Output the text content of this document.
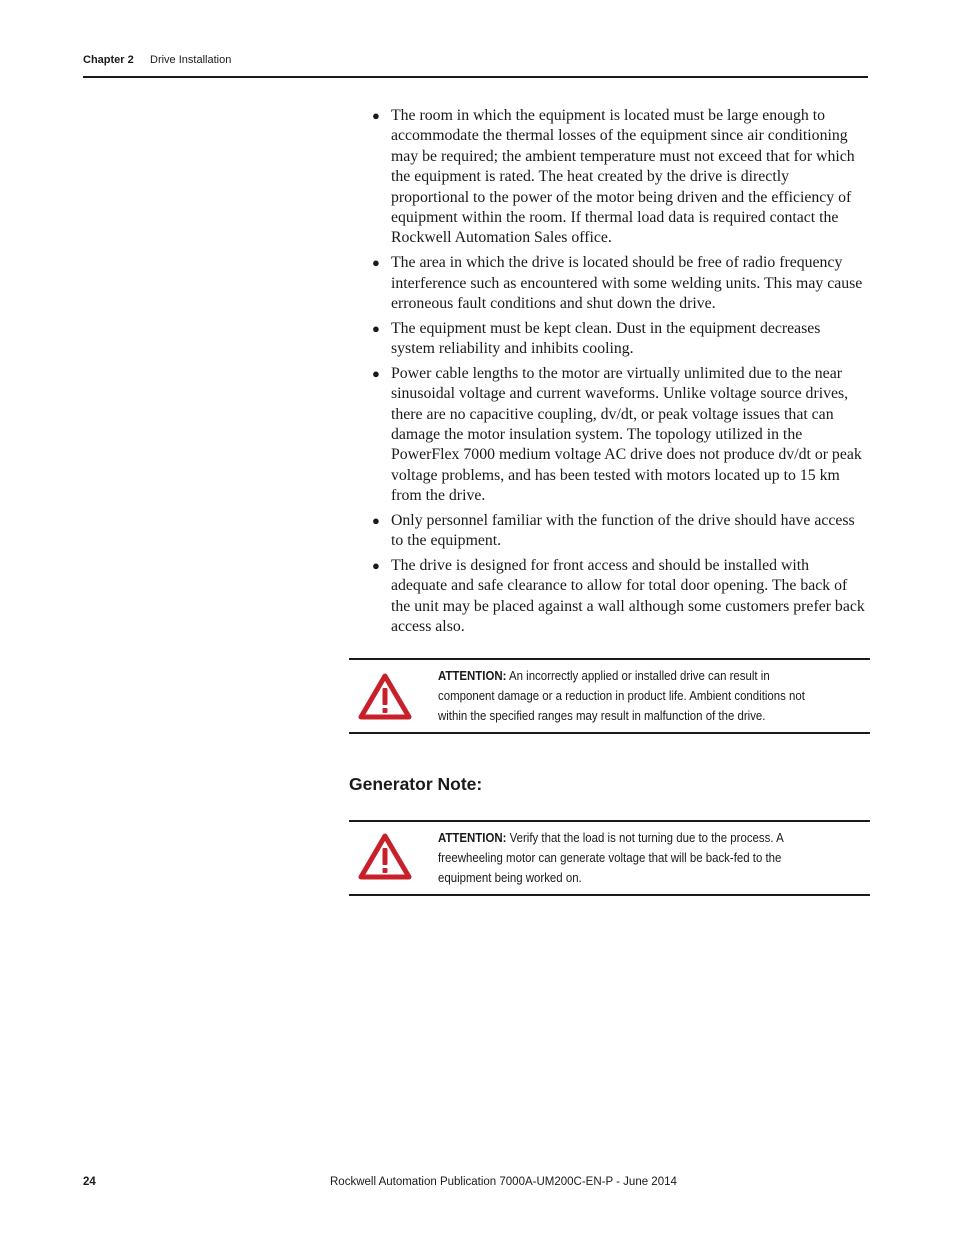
Chapter 2 Drive Installation
● The room in which the equipment is located must be large enough to accommodate the thermal losses of the equipment since air conditioning may be required; the ambient temperature must not exceed that for which the equipment is rated. The heat created by the drive is directly proportional to the power of the motor being driven and the efficiency of equipment within the room. If thermal load data is required contact the Rockwell Automation Sales office.
● The area in which the drive is located should be free of radio frequency interference such as encountered with some welding units. This may cause erroneous fault conditions and shut down the drive.
● The equipment must be kept clean. Dust in the equipment decreases system reliability and inhibits cooling.
● Power cable lengths to the motor are virtually unlimited due to the near sinusoidal voltage and current waveforms. Unlike voltage source drives, there are no capacitive coupling, dv/dt, or peak voltage issues that can damage the motor insulation system. The topology utilized in the PowerFlex 7000 medium voltage AC drive does not produce dv/dt or peak voltage problems, and has been tested with motors located up to 15 km from the drive.
● Only personnel familiar with the function of the drive should have access to the equipment.
● The drive is designed for front access and should be installed with adequate and safe clearance to allow for total door opening. The back of the unit may be placed against a wall although some customers prefer back access also.
ATTENTION: An incorrectly applied or installed drive can result in component damage or a reduction in product life. Ambient conditions not within the specified ranges may result in malfunction of the drive.
Generator Note:
ATTENTION: Verify that the load is not turning due to the process. A freewheeling motor can generate voltage that will be back-fed to the equipment being worked on.
24	Rockwell Automation Publication 7000A-UM200C-EN-P - June 2014
